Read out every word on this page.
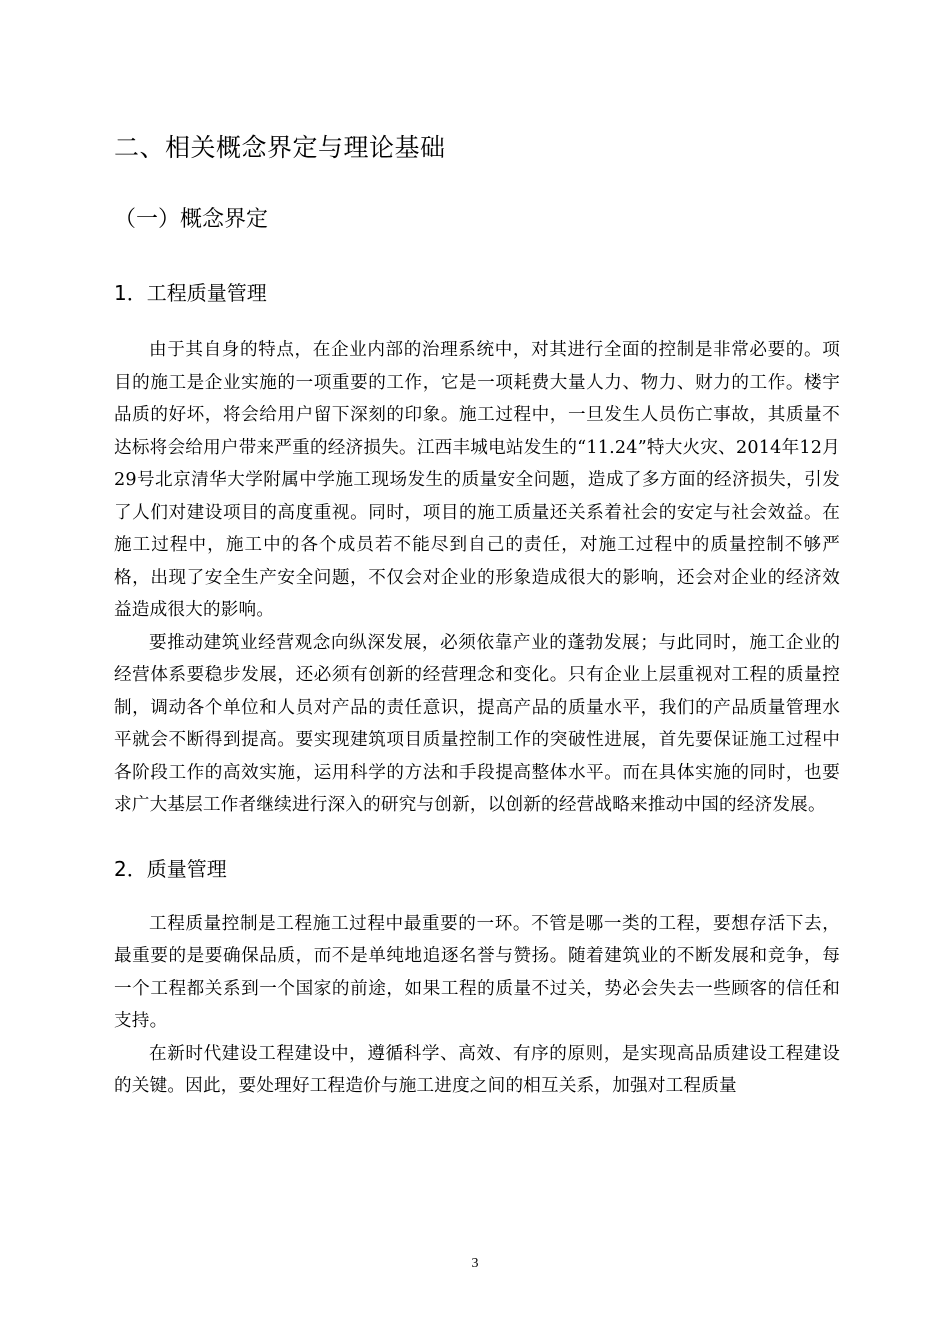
二、相关概念界定与理论基础
（一）概念界定
1．工程质量管理

由于其自身的特点，在企业内部的治理系统中，对其进行全面的控制是非常必要的。项目的施工是企业实施的一项重要的工作，它是一项耗费大量人力、物力、财力的工作。楼宇品质的好坏，将会给用户留下深刻的印象。施工过程中，一旦发生人员伤亡事故，其质量不达标将会给用户带来严重的经济损失。江西丰城电站发生的“11.24”特大火灾、2014年12月29号北京清华大学附属中学施工现场发生的质量安全问题，造成了多方面的经济损失，引发了人们对建设项目的高度重视。同时，项目的施工质量还关系着社会的安定与社会效益。在施工过程中，施工中的各个成员若不能尽到自己的责任，对施工过程中的质量控制不够严格，出现了安全生产安全问题，不仅会对企业的形象造成很大的影响，还会对企业的经济效益造成很大的影响。

要推动建筑业经营观念向纵深发展，必须依靠产业的蓬勃发展；与此同时，施工企业的经营体系要稳步发展，还必须有创新的经营理念和变化。只有企业上层重视对工程的质量控制，调动各个单位和人员对产品的责任意识，提高产品的质量水平，我们的产品质量管理水平就会不断得到提高。要实现建筑项目质量控制工作的突破性进展，首先要保证施工过程中各阶段工作的高效实施，运用科学的方法和手段提高整体水平。而在具体实施的同时，也要求广大基层工作者继续进行深入的研究与创新，以创新的经营战略来推动中国的经济发展。

2．质量管理

工程质量控制是工程施工过程中最重要的一环。不管是哪一类的工程，要想存活下去，最重要的是要确保品质，而不是单纯地追逐名誉与赞扬。随着建筑业的不断发展和竞争，每一个工程都关系到一个国家的前途，如果工程的质量不过关，势必会失去一些顾客的信任和支持。

在新时代建设工程建设中，遵循科学、高效、有序的原则，是实现高品质建设工程建设的关键。因此，要处理好工程造价与施工进度之间的相互关系，加强对工程质量

3
